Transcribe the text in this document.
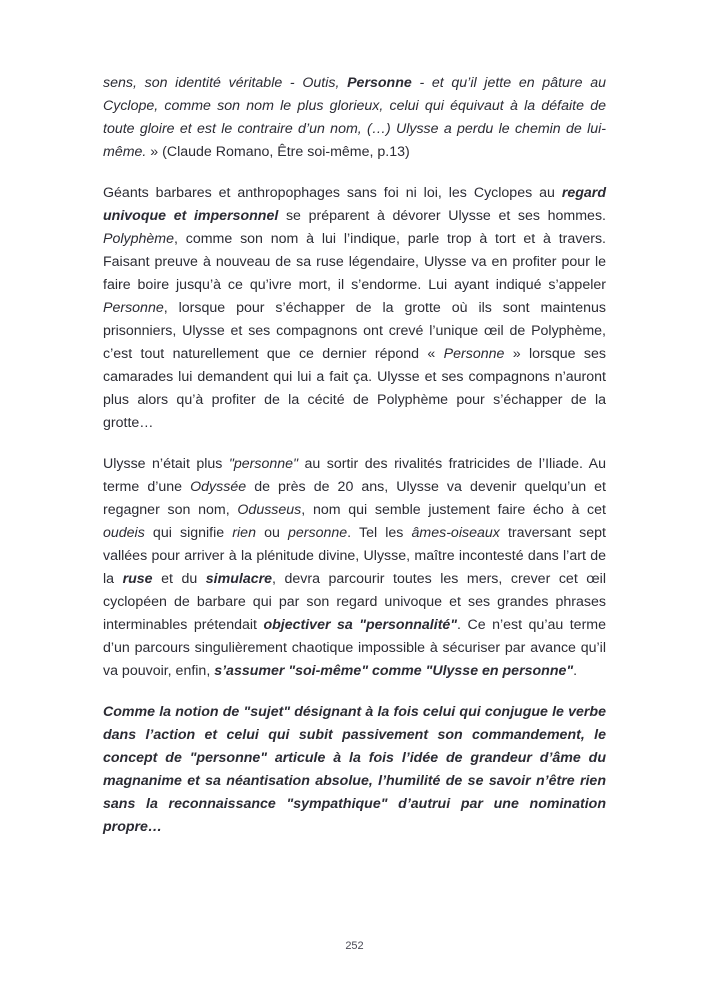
sens, son identité véritable - Outis, Personne - et qu’il jette en pâture au Cyclope, comme son nom le plus glorieux, celui qui équivaut à la défaite de toute gloire et est le contraire d’un nom, (…) Ulysse a perdu le chemin de lui-même. » (Claude Romano, Être soi-même, p.13)

Géants barbares et anthropophages sans foi ni loi, les Cyclopes au regard univoque et impersonnel se préparent à dévorer Ulysse et ses hommes. Polyphème, comme son nom à lui l’indique, parle trop à tort et à travers. Faisant preuve à nouveau de sa ruse légendaire, Ulysse va en profiter pour le faire boire jusqu’à ce qu’ivre mort, il s’endorme. Lui ayant indiqué s’appeler Personne, lorsque pour s’échapper de la grotte où ils sont maintenus prisonniers, Ulysse et ses compagnons ont crevé l’unique œil de Polyphème, c’est tout naturellement que ce dernier répond « Personne » lorsque ses camarades lui demandent qui lui a fait ça. Ulysse et ses compagnons n’auront plus alors qu’à profiter de la cécité de Polyphème pour s’échapper de la grotte…

Ulysse n’était plus "personne" au sortir des rivalités fratricides de l’Iliade. Au terme d’une Odyssée de près de 20 ans, Ulysse va devenir quelqu’un et regagner son nom, Odusseus, nom qui semble justement faire écho à cet oudeis qui signifie rien ou personne. Tel les âmes-oiseaux traversant sept vallées pour arriver à la plénitude divine, Ulysse, maître incontesté dans l’art de la ruse et du simulacre, devra parcourir toutes les mers, crever cet œil cyclopéen de barbare qui par son regard univoque et ses grandes phrases interminables prétendait objectiver sa "personnalité". Ce n’est qu’au terme d’un parcours singulièrement chaotique impossible à sécuriser par avance qu’il va pouvoir, enfin, s’assumer "soi-même" comme "Ulysse en personne".

Comme la notion de "sujet" désignant à la fois celui qui conjugue le verbe dans l’action et celui qui subit passivement son commandement, le concept de "personne" articule à la fois l’idée de grandeur d’âme du magnanime et sa néantisation absolue, l’humilité de se savoir n’être rien sans la reconnaissance "sympathique" d’autrui par une nomination propre…

252
